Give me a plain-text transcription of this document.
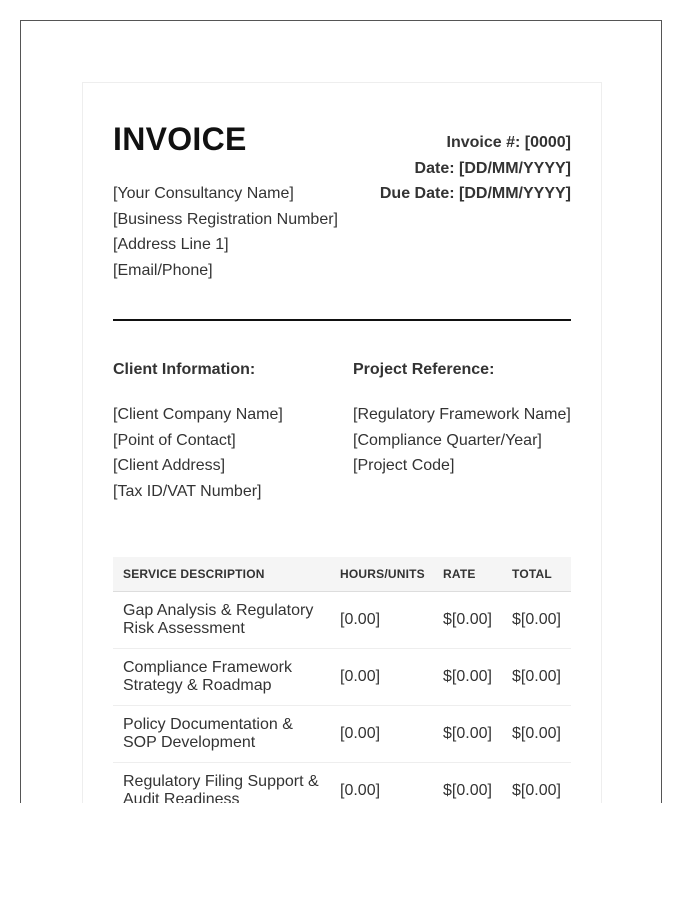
INVOICE	Invoice #: [0000]
Date: [DD/MM/YYYY]
Due Date: [DD/MM/YYYY]
[Your Consultancy Name]
[Business Registration Number]
[Address Line 1]
[Email/Phone]
Client Information:
[Client Company Name]
[Point of Contact]
[Client Address]
[Tax ID/VAT Number]
Project Reference:
[Regulatory Framework Name]
[Compliance Quarter/Year]
[Project Code]
SERVICE DESCRIPTION	HOURS/UNITS	RATE	TOTAL

Gap Analysis & Regulatory
Risk Assessment	[0.00]	$[0.00]	$[0.00]

Compliance Framework
Strategy & Roadmap	[0.00]	$[0.00]	$[0.00]

Policy Documentation &
SOP Development	[0.00]	$[0.00]	$[0.00]

Regulatory Filing Support &
Audit Readiness	[0.00]	$[0.00]	$[0.00]
